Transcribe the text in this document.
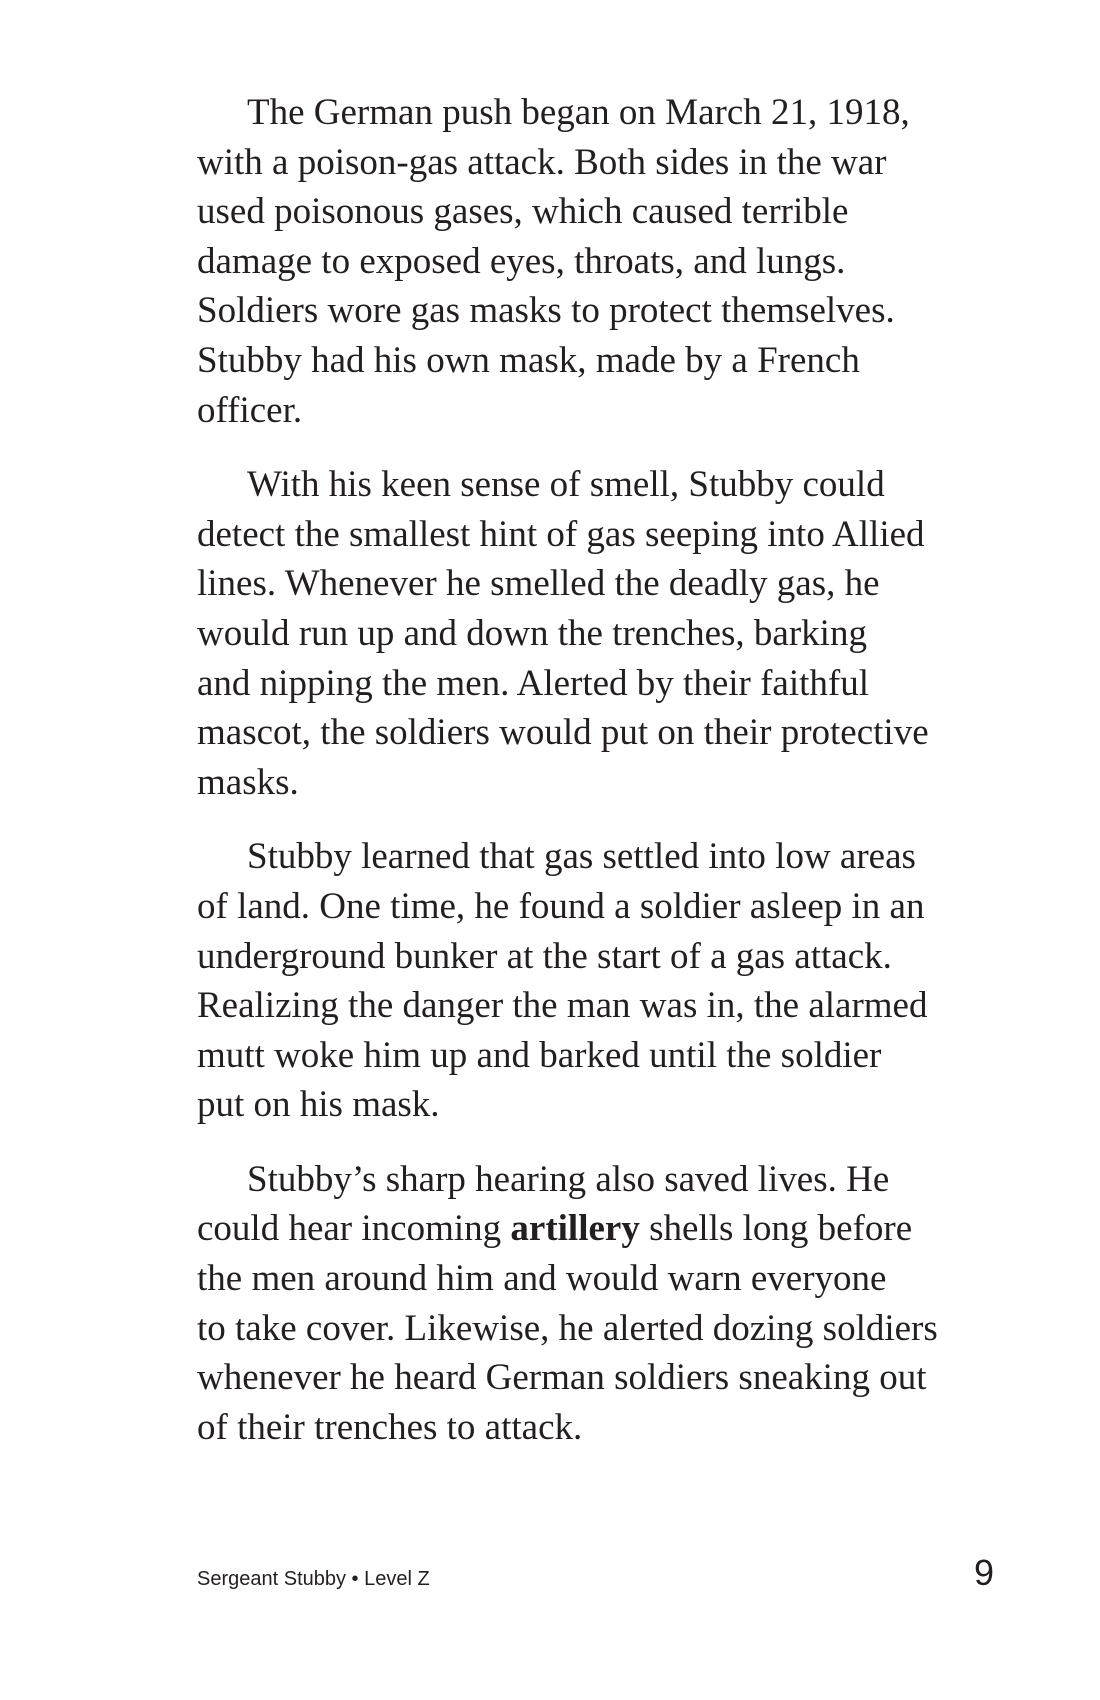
The German push began on March 21, 1918,
with a poison-gas attack. Both sides in the war
used poisonous gases, which caused terrible
damage to exposed eyes, throats, and lungs.
Soldiers wore gas masks to protect themselves.
Stubby had his own mask, made by a French
officer.

With his keen sense of smell, Stubby could
detect the smallest hint of gas seeping into Allied
lines. Whenever he smelled the deadly gas, he
would run up and down the trenches, barking
and nipping the men. Alerted by their faithful
mascot, the soldiers would put on their protective
masks.

Stubby learned that gas settled into low areas
of land. One time, he found a soldier asleep in an
underground bunker at the start of a gas attack.
Realizing the danger the man was in, the alarmed
mutt woke him up and barked until the soldier
put on his mask.

Stubby’s sharp hearing also saved lives. He
could hear incoming artillery shells long before
the men around him and would warn everyone
to take cover. Likewise, he alerted dozing soldiers
whenever he heard German soldiers sneaking out
of their trenches to attack.

Sergeant Stubby • Level Z	9
